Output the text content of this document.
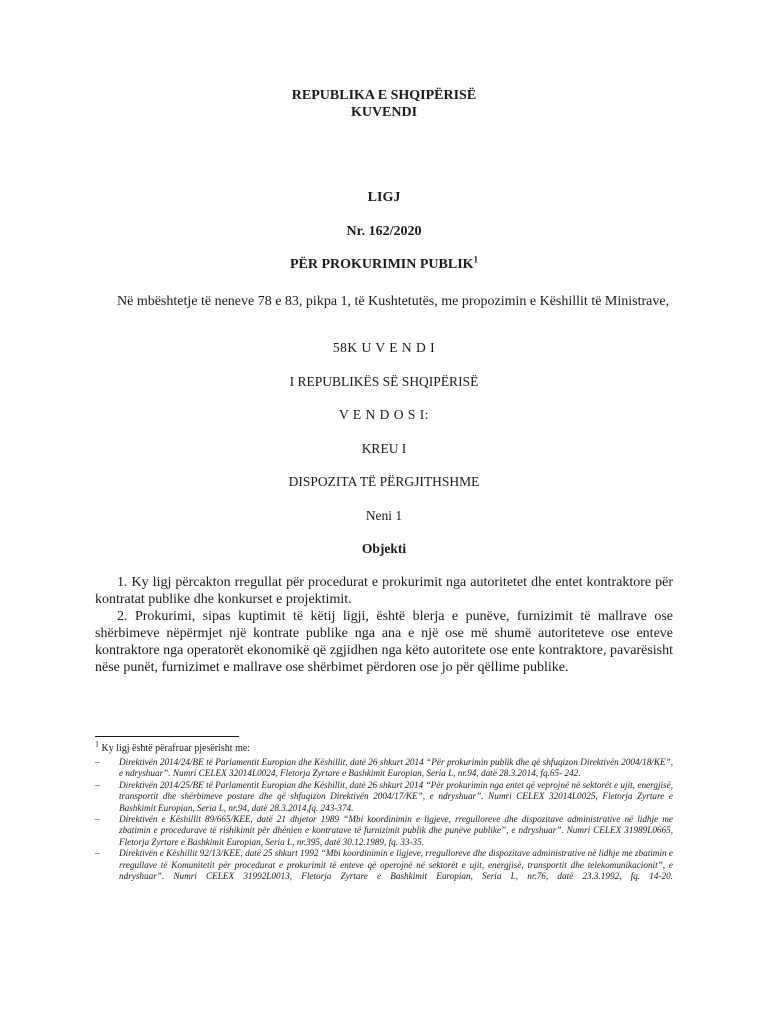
REPUBLIKA E SHQIPËRISË
KUVENDI
LIGJ
Nr. 162/2020
PËR PROKURIMIN PUBLIK$^1$
Në mbështetje të neneve 78 e 83, pikpa 1, të Kushtetutës, me propozimin e Këshillit të Ministrave,
58K U V E N D I
I REPUBLIKËS SË SHQIPËRISË
V E N D O S I:
KREU I
DISPOZITA TË PËRGJITHSHME
Neni 1
Objekti
1. Ky ligj përcakton rregullat për procedurat e prokurimit nga autoritetet dhe entet kontraktore për kontratat publike dhe konkurset e projektimit.
2. Prokurimi, sipas kuptimit të këtij ligji, është blerja e punëve, furnizimit të mallrave ose shërbimeve nëpërmjet një kontrate publike nga ana e një ose më shumë autoriteteve ose enteve kontraktore nga operatorët ekonomikë që zgjidhen nga këto autoritete ose ente kontraktore, pavarësisht nëse punët, furnizimet e mallrave ose shërbimet përdoren ose jo për qëllime publike.
$^1$ Ky ligj është përafruar pjesërisht me:
– Direktivën 2014/24/BE të Parlamentit Europian dhe Këshillit, datë 26 shkurt 2014 “Për prokurimin publik dhe që shfuqizon Direktivën 2004/18/KE”, e ndryshuar”. Numri CELEX 32014L0024, Fletorja Zyrtare e Bashkimit Europian, Seria L, nr.94, datë 28.3.2014, fq.65- 242.
– Direktivën 2014/25/BE të Parlamentit Europian dhe Këshillit, datë 26 shkurt 2014 “Për prokurimin nga entet që veprojnë në sektorët e ujit, energjisë, transportit dhe shërbimeve postare dhe që shfuqizon Direktivën 2004/17/KE”, e ndryshuar”. Numri CELEX 32014L0025, Fletorja Zyrtare e Bashkimit Europian, Seria L, nr.94, datë 28.3.2014,fq. 243-374.
– Direktivën e Këshillit 89/665/KEE, datë 21 dhjetor 1989 “Mbi koordinimin e ligjeve, rregulloreve dhe dispozitave administrative në lidhje me zbatimin e procedurave të rishikimit për dhënien e kontratave të furnizimit publik dhe punëve publike”, e ndryshuar”. Numri CELEX 31989L0665, Fletorja Zyrtare e Bashkimit Europian, Seria L, nr.395, datë 30.12.1989, fq. 33-35.
– Direktivën e Këshillit 92/13/KEE, datë 25 shkurt 1992 “Mbi koordinimin e ligjeve, rregulloreve dhe dispozitave administrative në lidhje me zbatimin e rregullave të Komunitetit për procedurat e prokurimit të enteve që operojnë në sektorët e ujit, energjisë, transportit dhe telekomunikacionit”, e ndryshuar”. Numri CELEX 31992L0013, Fletorja Zyrtare e Bashkimit Europian, Seria L, nr.76, datë 23.3.1992, fq. 14-20.
